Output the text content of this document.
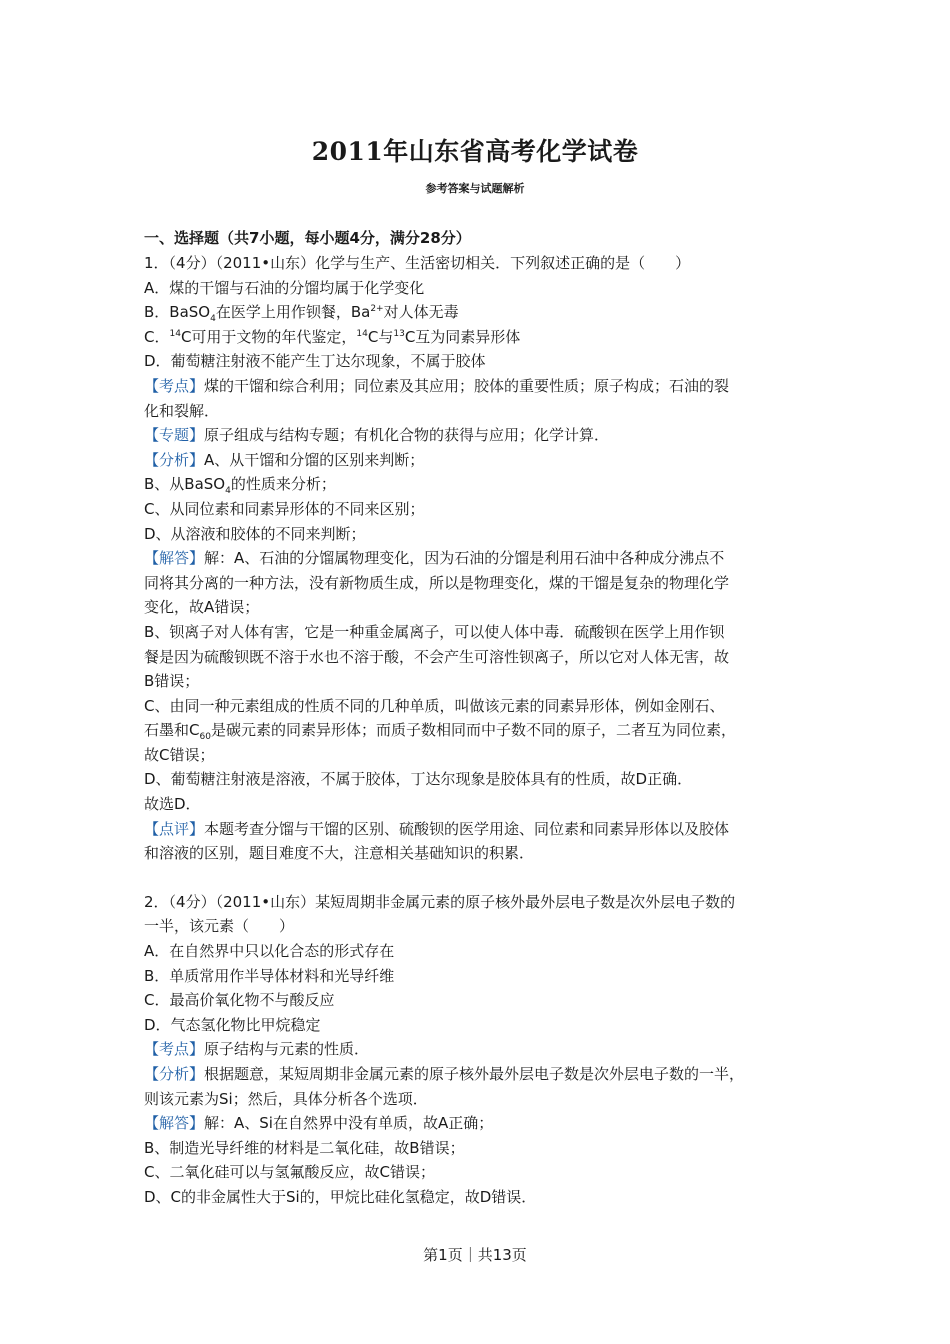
2011年山东省高考化学试卷
参考答案与试题解析

一、选择题（共7小题，每小题4分，满分28分）

1．（4分）（2011•山东）化学与生产、生活密切相关．下列叙述正确的是（　　）

A．煤的干馏与石油的分馏均属于化学变化

B．BaSO$_4$在医学上用作钡餐，$Ba^{2+}$对人体无毒

C．$^{14}$C可用于文物的年代鉴定，$^{14}$C与$^{13}$C互为同素异形体

D．葡萄糖注射液不能产生丁达尔现象，不属于胶体

【考点】煤的干馏和综合利用；同位素及其应用；胶体的重要性质；原子构成；石油的裂

化和裂解．

【专题】原子组成与结构专题；有机化合物的获得与应用；化学计算．

【分析】A、从干馏和分馏的区别来判断；

B、从BaSO$_4$的性质来分析；

C、从同位素和同素异形体的不同来区别；

D、从溶液和胶体的不同来判断；

【解答】解：A、石油的分馏属物理变化，因为石油的分馏是利用石油中各种成分沸点不

同将其分离的一种方法，没有新物质生成，所以是物理变化，煤的干馏是复杂的物理化学

变化，故A错误；

B、钡离子对人体有害，它是一种重金属离子，可以使人体中毒．硫酸钡在医学上用作钡

餐是因为硫酸钡既不溶于水也不溶于酸，不会产生可溶性钡离子，所以它对人体无害，故

B错误；

C、由同一种元素组成的性质不同的几种单质，叫做该元素的同素异形体，例如金刚石、

石墨和$C_{60}$是碳元素的同素异形体；而质子数相同而中子数不同的原子，二者互为同位素，

故C错误；

D、葡萄糖注射液是溶液，不属于胶体，丁达尔现象是胶体具有的性质，故D正确．

故选D．

【点评】本题考查分馏与干馏的区别、硫酸钡的医学用途、同位素和同素异形体以及胶体

和溶液的区别，题目难度不大，注意相关基础知识的积累．

2．（4分）（2011•山东）某短周期非金属元素的原子核外最外层电子数是次外层电子数的

一半，该元素（　　）

A．在自然界中只以化合态的形式存在

B．单质常用作半导体材料和光导纤维

C．最高价氧化物不与酸反应

D．气态氢化物比甲烷稳定

【考点】原子结构与元素的性质．

【分析】根据题意，某短周期非金属元素的原子核外最外层电子数是次外层电子数的一半，

则该元素为Si；然后，具体分析各个选项．

【解答】解：A、Si在自然界中没有单质，故A正确；

B、制造光导纤维的材料是二氧化硅，故B错误；

C、二氧化硅可以与氢氟酸反应，故C错误；

D、C的非金属性大于Si的，甲烷比硅化氢稳定，故D错误．

第1页｜共13页
